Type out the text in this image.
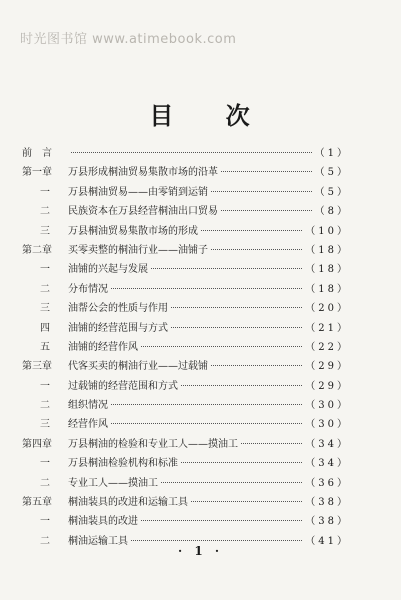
时光图书馆 www.atimebook.com
目 次
前　言	（1）
第一章	万县形成桐油贸易集散市场的沿革	（5）
一	万县桐油贸易——由零销到运销	（5）
二	民族资本在万县经营桐油出口贸易	（8）
三	万县桐油贸易集散市场的形成	（10）
第二章	买零卖整的桐油行业——油铺子	（18）
一	油铺的兴起与发展	（18）
二	分布情况	（18）
三	油帮公会的性质与作用	（20）
四	油铺的经营范围与方式	（21）
五	油铺的经营作风	（22）
第三章	代客买卖的桐油行业——过载铺	（29）
一	过载铺的经营范围和方式	（29）
二	组织情况	（30）
三	经营作风	（30）
第四章	万县桐油的检验和专业工人——摸油工	（34）
一	万县桐油检验机构和标准	（34）
二	专业工人——摸油工	（36）
第五章	桐油装具的改进和运输工具	（38）
一	桐油装具的改进	（38）
二	桐油运输工具	（41）
· 1 ·
